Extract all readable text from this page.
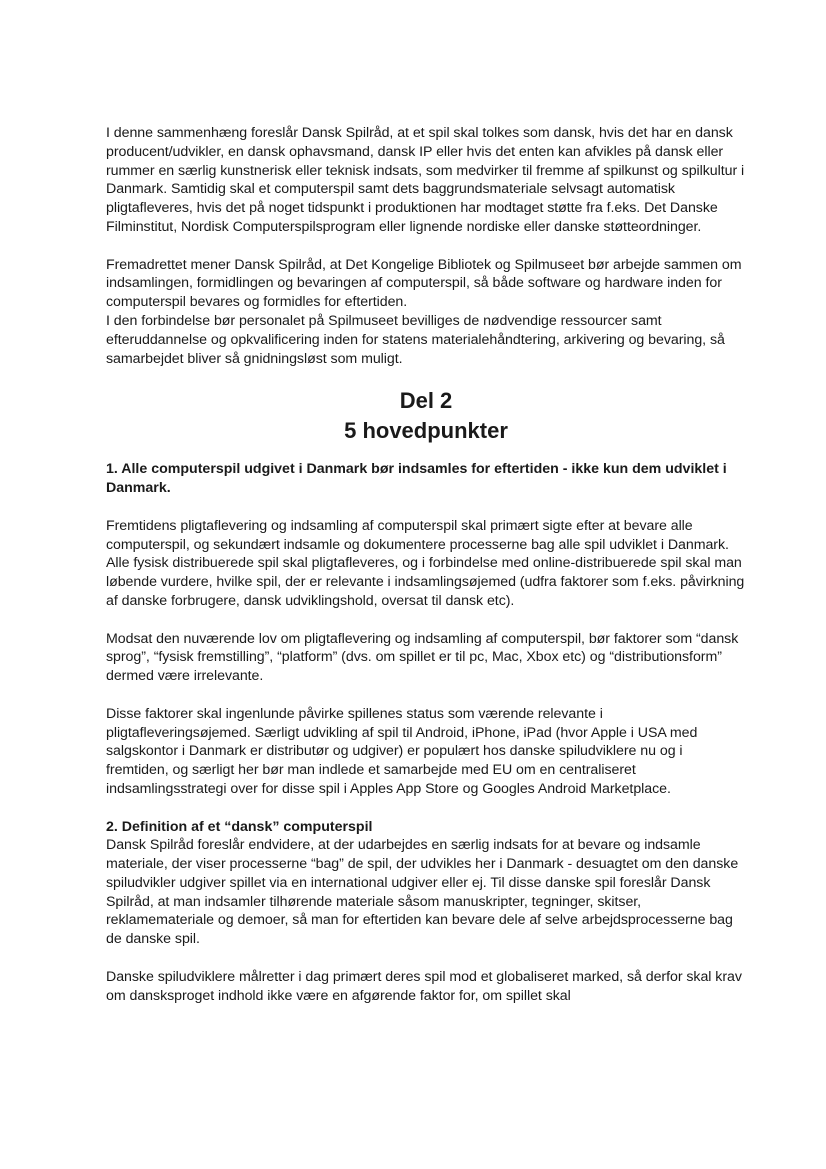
I denne sammenhæng foreslår Dansk Spilråd, at et spil skal tolkes som dansk, hvis det har en dansk producent/udvikler, en dansk ophavsmand, dansk IP eller hvis det enten kan afvikles på dansk eller rummer en særlig kunstnerisk eller teknisk indsats, som medvirker til fremme af spilkunst og spilkultur i Danmark. Samtidig skal et computerspil samt dets baggrundsmateriale selvsagt automatisk pligtafleveres, hvis det på noget tidspunkt i produktionen har modtaget støtte fra f.eks. Det Danske Filminstitut, Nordisk Computerspilsprogram eller lignende nordiske eller danske støtteordninger.

Fremadrettet mener Dansk Spilråd, at Det Kongelige Bibliotek og Spilmuseet bør arbejde sammen om indsamlingen, formidlingen og bevaringen af computerspil, så både software og hardware inden for computerspil bevares og formidles for eftertiden.

I den forbindelse bør personalet på Spilmuseet bevilliges de nødvendige ressourcer samt efteruddannelse og opkvalificering inden for statens materialehåndtering, arkivering og bevaring, så samarbejdet bliver så gnidningsløst som muligt.

Del 2

5 hovedpunkter

1. Alle computerspil udgivet i Danmark bør indsamles for eftertiden - ikke kun dem udviklet i Danmark.

Fremtidens pligtaflevering og indsamling af computerspil skal primært sigte efter at bevare alle computerspil, og sekundært indsamle og dokumentere processerne bag alle spil udviklet i Danmark.

Alle fysisk distribuerede spil skal pligtafleveres, og i forbindelse med online-distribuerede spil skal man løbende vurdere, hvilke spil, der er relevante i indsamlingsøjemed (udfra faktorer som f.eks. påvirkning af danske forbrugere, dansk udviklingshold, oversat til dansk etc).

Modsat den nuværende lov om pligtaflevering og indsamling af computerspil, bør faktorer som “dansk sprog”, “fysisk fremstilling”, “platform” (dvs. om spillet er til pc, Mac, Xbox etc) og “distributionsform” dermed være irrelevante.

Disse faktorer skal ingenlunde påvirke spillenes status som værende relevante i pligtafleveringsøjemed. Særligt udvikling af spil til Android, iPhone, iPad (hvor Apple i USA med salgskontor i Danmark er distributør og udgiver) er populært hos danske spiludviklere nu og i fremtiden, og særligt her bør man indlede et samarbejde med EU om en centraliseret indsamlingsstrategi over for disse spil i Apples App Store og Googles Android Marketplace.

2. Definition af et “dansk” computerspil

Dansk Spilråd foreslår endvidere, at der udarbejdes en særlig indsats for at bevare og indsamle materiale, der viser processerne “bag” de spil, der udvikles her i Danmark - desuagtet om den danske spiludvikler udgiver spillet via en international udgiver eller ej. Til disse danske spil foreslår Dansk Spilråd, at man indsamler tilhørende materiale såsom manuskripter, tegninger, skitser, reklamemateriale og demoer, så man for eftertiden kan bevare dele af selve arbejdsprocesserne bag de danske spil.

Danske spiludviklere målretter i dag primært deres spil mod et globaliseret marked, så derfor skal krav om dansksproget indhold ikke være en afgørende faktor for, om spillet skal
